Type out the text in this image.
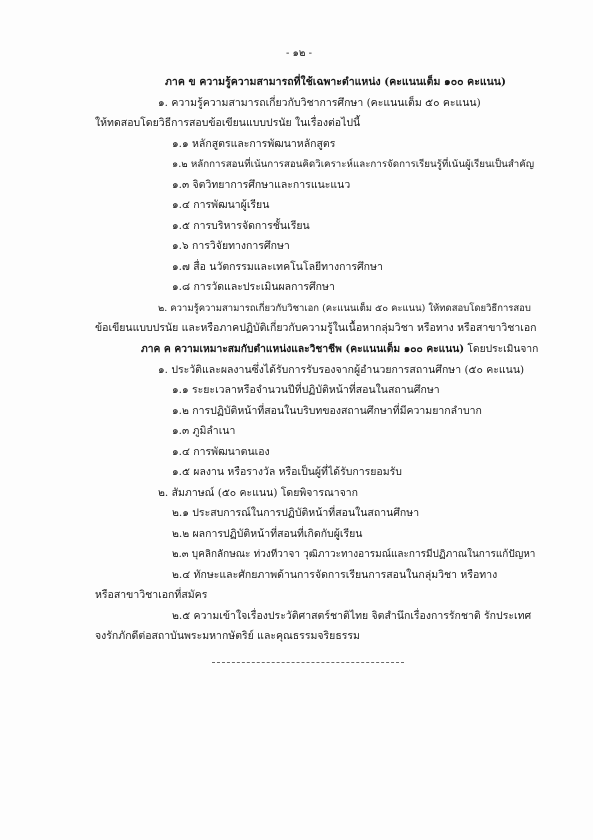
- ๑๒ -
ภาค ข ความรู้ความสามารถที่ใช้เฉพาะตำแหน่ง (คะแนนเต็ม ๑๐๐ คะแนน)
๑. ความรู้ความสามารถเกี่ยวกับวิชาการศึกษา (คะแนนเต็ม ๕๐ คะแนน)
ให้ทดสอบโดยวิธีการสอบข้อเขียนแบบปรนัย ในเรื่องต่อไปนี้
๑.๑ หลักสูตรและการพัฒนาหลักสูตร
๑.๒ หลักการสอนที่เน้นการสอนคิดวิเคราะห์และการจัดการเรียนรู้ที่เน้นผู้เรียนเป็นสำคัญ
๑.๓ จิตวิทยาการศึกษาและการแนะแนว
๑.๔ การพัฒนาผู้เรียน
๑.๕ การบริหารจัดการชั้นเรียน
๑.๖ การวิจัยทางการศึกษา
๑.๗ สื่อ นวัตกรรมและเทคโนโลยีทางการศึกษา
๑.๘ การวัดและประเมินผลการศึกษา
๒. ความรู้ความสามารถเกี่ยวกับวิชาเอก (คะแนนเต็ม ๕๐ คะแนน) ให้ทดสอบโดยวิธีการสอบ
ข้อเขียนแบบปรนัย และหรือภาคปฏิบัติเกี่ยวกับความรู้ในเนื้อหากลุ่มวิชา หรือทาง หรือสาขาวิชาเอก
ภาค ค ความเหมาะสมกับตำแหน่งและวิชาชีพ (คะแนนเต็ม ๑๐๐ คะแนน) โดยประเมินจาก
๑. ประวัติและผลงานซึ่งได้รับการรับรองจากผู้อำนวยการสถานศึกษา (๕๐ คะแนน)
๑.๑ ระยะเวลาหรือจำนวนปีที่ปฏิบัติหน้าที่สอนในสถานศึกษา
๑.๒ การปฏิบัติหน้าที่สอนในบริบทของสถานศึกษาที่มีความยากลำบาก
๑.๓ ภูมิลำเนา
๑.๔ การพัฒนาตนเอง
๑.๕ ผลงาน หรือรางวัล หรือเป็นผู้ที่ได้รับการยอมรับ
๒. สัมภาษณ์ (๕๐ คะแนน) โดยพิจารณาจาก
๒.๑ ประสบการณ์ในการปฏิบัติหน้าที่สอนในสถานศึกษา
๒.๒ ผลการปฏิบัติหน้าที่สอนที่เกิดกับผู้เรียน
๒.๓ บุคลิกลักษณะ ท่วงทีวาจา วุฒิภาวะทางอารมณ์และการมีปฏิภาณในการแก้ปัญหา
๒.๔ ทักษะและศักยภาพด้านการจัดการเรียนการสอนในกลุ่มวิชา หรือทาง
หรือสาขาวิชาเอกที่สมัคร
๒.๕ ความเข้าใจเรื่องประวัติศาสตร์ชาติไทย จิตสำนึกเรื่องการรักชาติ รักประเทศ
จงรักภักดีต่อสถาบันพระมหากษัตริย์ และคุณธรรมจริยธรรม
